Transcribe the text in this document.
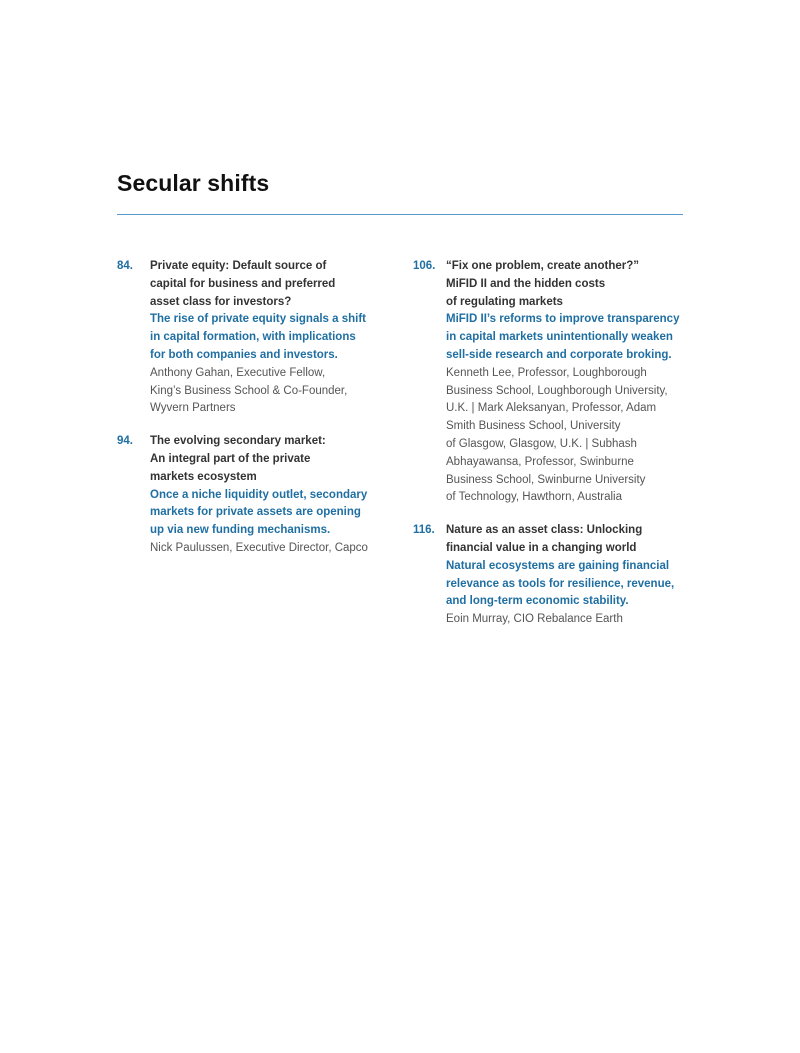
Secular shifts
84. Private equity: Default source of
capital for business and preferred
asset class for investors?
The rise of private equity signals a shift
in capital formation, with implications
for both companies and investors.
Anthony Gahan, Executive Fellow,
King’s Business School & Co-Founder,
Wyvern Partners
94. The evolving secondary market:
An integral part of the private
markets ecosystem
Once a niche liquidity outlet, secondary
markets for private assets are opening
up via new funding mechanisms.
Nick Paulussen, Executive Director, Capco
106. “Fix one problem, create another?”
MiFID II and the hidden costs
of regulating markets
MiFID II’s reforms to improve transparency
in capital markets unintentionally weaken
sell-side research and corporate broking.
Kenneth Lee, Professor, Loughborough
Business School, Loughborough University,
U.K. | Mark Aleksanyan, Professor, Adam
Smith Business School, University
of Glasgow, Glasgow, U.K. | Subhash
Abhayawansa, Professor, Swinburne
Business School, Swinburne University
of Technology, Hawthorn, Australia
116. Nature as an asset class: Unlocking
financial value in a changing world
Natural ecosystems are gaining financial
relevance as tools for resilience, revenue,
and long-term economic stability.
Eoin Murray, CIO Rebalance Earth
